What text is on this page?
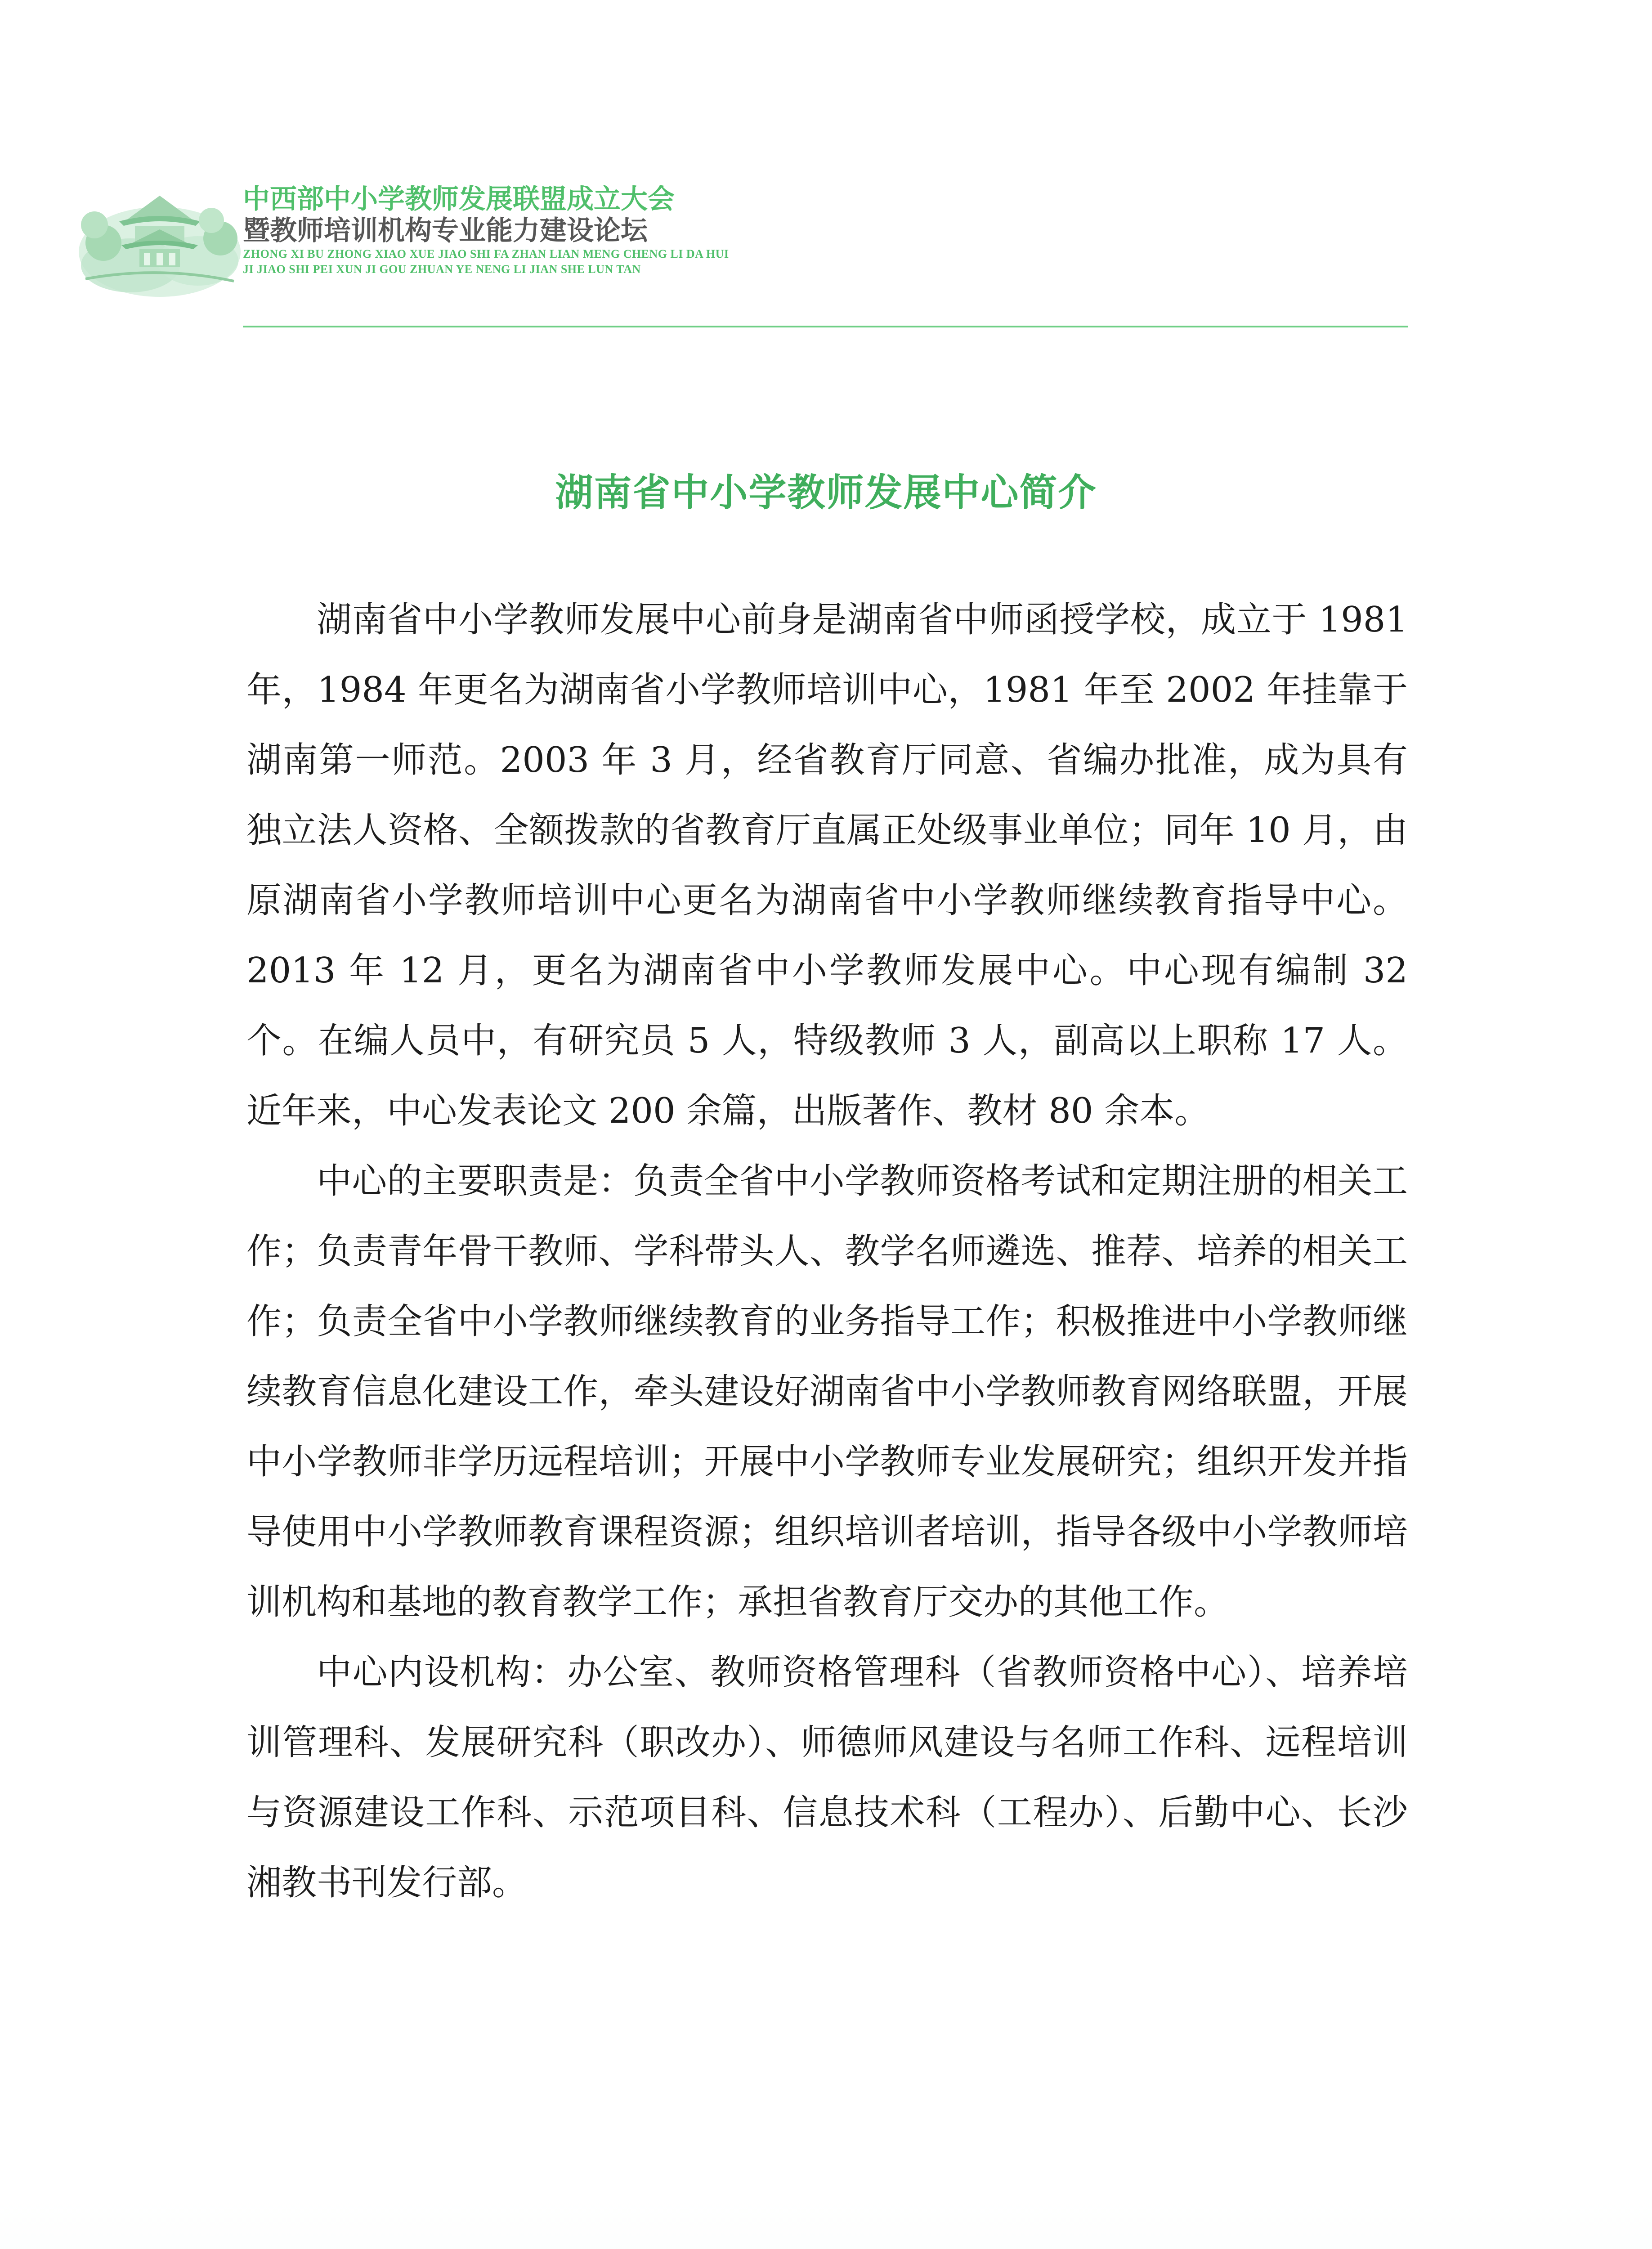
中西部中小学教师发展联盟成立大会
暨教师培训机构专业能力建设论坛
ZHONG XI BU ZHONG XIAO XUE JIAO SHI FA ZHAN LIAN MENG CHENG LI DA HUI
JI JIAO SHI PEI XUN JI GOU ZHUAN YE NENG LI JIAN SHE LUN TAN
湖南省中小学教师发展中心简介

湖南省中小学教师发展中心前身是湖南省中师函授学校，成立于 1981 年，1984 年更名为湖南省小学教师培训中心，1981 年至 2002 年挂靠于湖南第一师范。2003 年 3 月，经省教育厅同意、省编办批准，成为具有独立法人资格、全额拨款的省教育厅直属正处级事业单位；同年 10 月，由原湖南省小学教师培训中心更名为湖南省中小学教师继续教育指导中心。2013 年 12 月，更名为湖南省中小学教师发展中心。中心现有编制 32 个。在编人员中，有研究员 5 人，特级教师 3 人，副高以上职称 17 人。近年来，中心发表论文 200 余篇，出版著作、教材 80 余本。

中心的主要职责是：负责全省中小学教师资格考试和定期注册的相关工作；负责青年骨干教师、学科带头人、教学名师遴选、推荐、培养的相关工作；负责全省中小学教师继续教育的业务指导工作；积极推进中小学教师继续教育信息化建设工作，牵头建设好湖南省中小学教师教育网络联盟，开展中小学教师非学历远程培训；开展中小学教师专业发展研究；组织开发并指导使用中小学教师教育课程资源；组织培训者培训，指导各级中小学教师培训机构和基地的教育教学工作；承担省教育厅交办的其他工作。

中心内设机构：办公室、教师资格管理科（省教师资格中心）、培养培训管理科、发展研究科（职改办）、师德师风建设与名师工作科、远程培训与资源建设工作科、示范项目科、信息技术科（工程办）、后勤中心、长沙湘教书刊发行部。
